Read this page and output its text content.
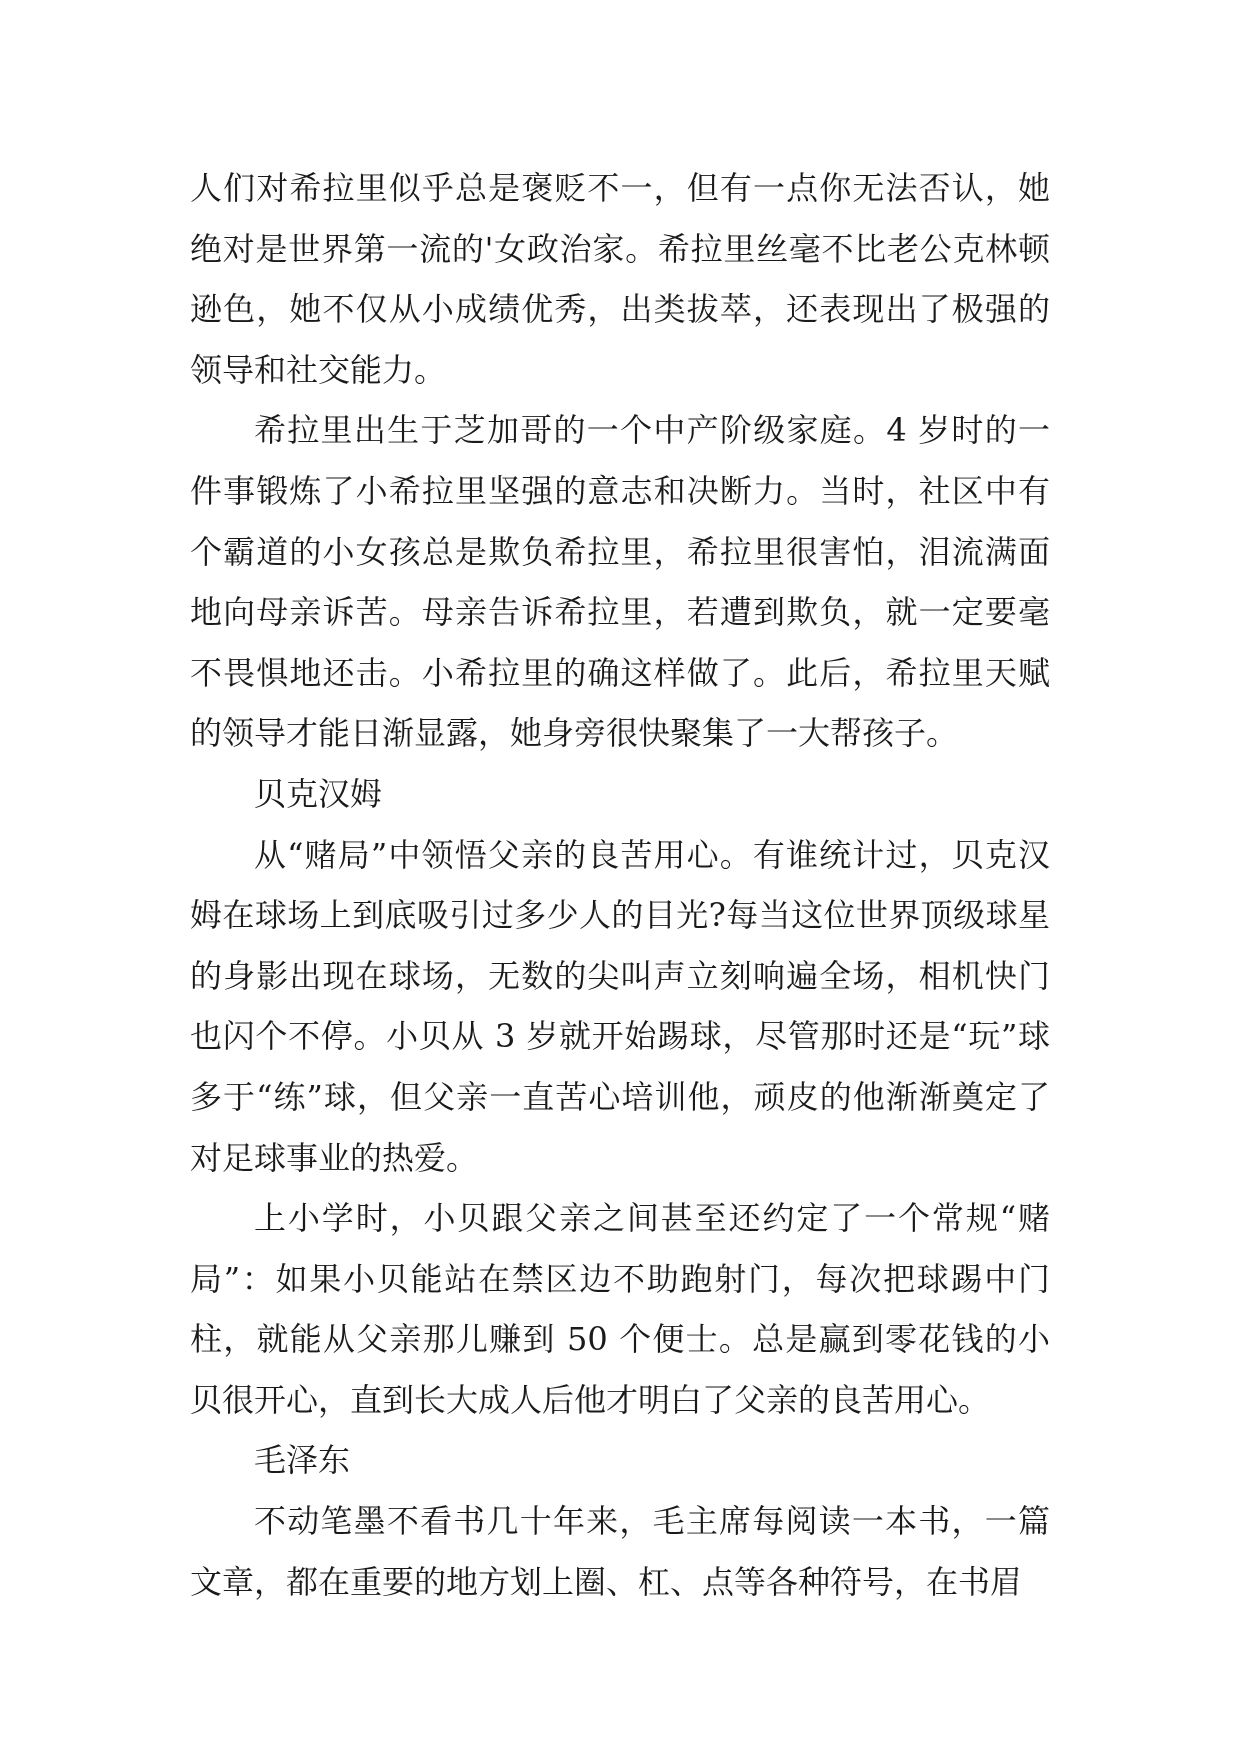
人们对希拉里似乎总是褒贬不一，但有一点你无法否认，她绝对是世界第一流的'女政治家。希拉里丝毫不比老公克林顿逊色，她不仅从小成绩优秀，出类拔萃，还表现出了极强的领导和社交能力。

希拉里出生于芝加哥的一个中产阶级家庭。4 岁时的一件事锻炼了小希拉里坚强的意志和决断力。当时，社区中有个霸道的小女孩总是欺负希拉里，希拉里很害怕，泪流满面地向母亲诉苦。母亲告诉希拉里，若遭到欺负，就一定要毫不畏惧地还击。小希拉里的确这样做了。此后，希拉里天赋的领导才能日渐显露，她身旁很快聚集了一大帮孩子。

贝克汉姆

从“赌局”中领悟父亲的良苦用心。有谁统计过，贝克汉姆在球场上到底吸引过多少人的目光?每当这位世界顶级球星的身影出现在球场，无数的尖叫声立刻响遍全场，相机快门也闪个不停。小贝从 3 岁就开始踢球，尽管那时还是“玩”球多于“练”球，但父亲一直苦心培训他，顽皮的他渐渐奠定了对足球事业的热爱。

上小学时，小贝跟父亲之间甚至还约定了一个常规“赌局”：如果小贝能站在禁区边不助跑射门，每次把球踢中门柱，就能从父亲那儿赚到 50 个便士。总是赢到零花钱的小贝很开心，直到长大成人后他才明白了父亲的良苦用心。

毛泽东

不动笔墨不看书几十年来，毛主席每阅读一本书，一篇文章，都在重要的地方划上圈、杠、点等各种符号，在书眉
